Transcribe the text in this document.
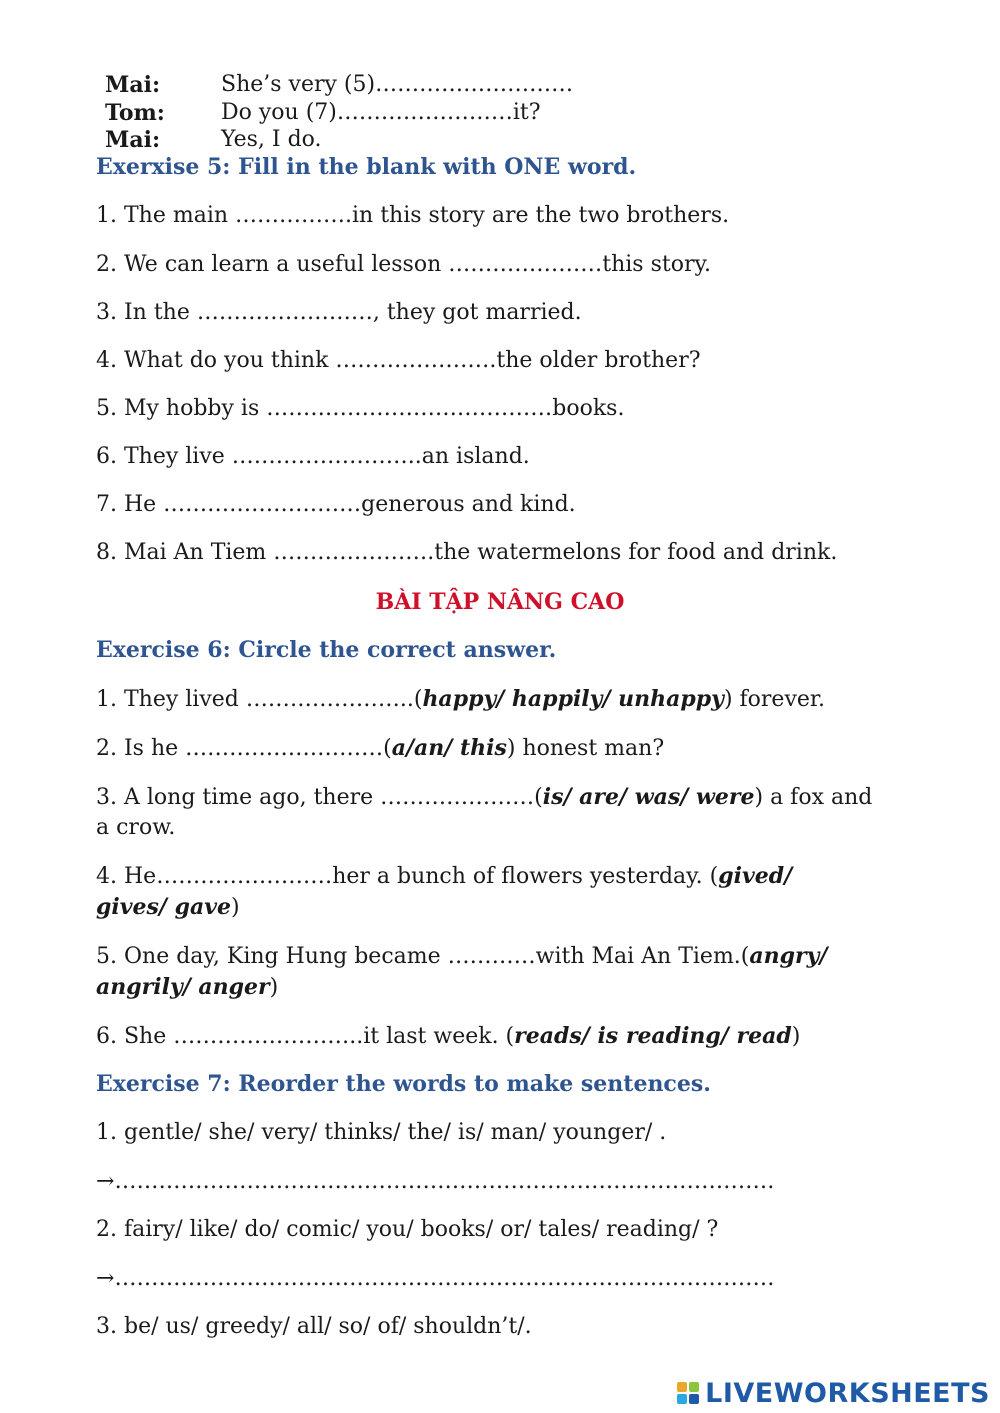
Mai:	She’s very (5)………………………
Tom:	Do you (7)……………………it?
Mai:	Yes, I do.
Exerxise 5: Fill in the blank with ONE word.
1. The main …………….in this story are the two brothers.
2. We can learn a useful lesson …………………this story.
3. In the ……………………, they got married.
4. What do you think ………………….the older brother?
5. My hobby is …………………………………books.
6. They live ……………………..an island.
7. He ………………………generous and kind.
8. Mai An Tiem ………………….the watermelons for food and drink.
BÀI TẬP NÂNG CAO
Exercise 6: Circle the correct answer.
1. They lived …………………..(happy/ happily/ unhappy) forever.
2. Is he ………………………(a/an/ this) honest man?
3. A long time ago, there …………………(is/ are/ was/ were) a fox and a crow.
4. He……………………her a bunch of flowers yesterday. (gived/ gives/ gave)
5. One day, King Hung became …………with Mai An Tiem.(angry/ angrily/ anger)
6. She ……………………..it last week. (reads/ is reading/ read)
Exercise 7: Reorder the words to make sentences.
1. gentle/ she/ very/ thinks/ the/ is/ man/ younger/ .
→………………………………………………………………………………
2. fairy/ like/ do/ comic/ you/ books/ or/ tales/ reading/ ?
→………………………………………………………………………………
3. be/ us/ greedy/ all/ so/ of/ shouldn’t/.
LIVEWORKSHEETS
